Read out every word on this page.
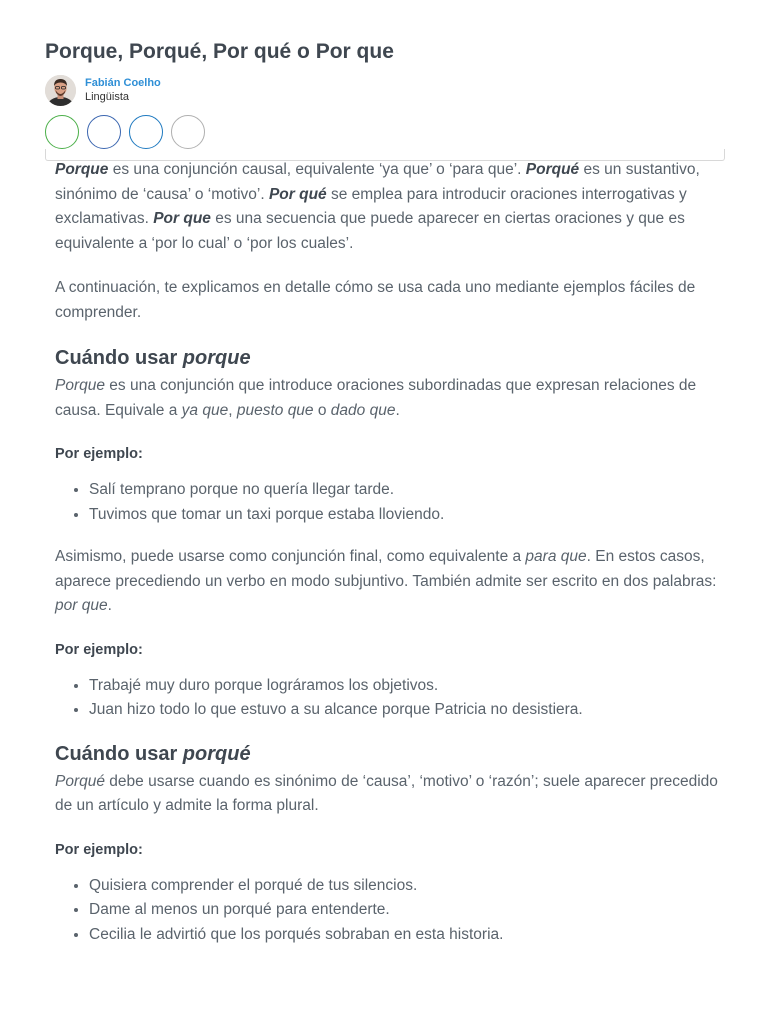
Porque, Porqué, Por qué o Por que
Fabián Coelho
Lingüista

Porque es una conjunción causal, equivalente ‘ya que’ o ‘para que’. Porqué es un sustantivo, sinónimo de ‘causa’ o ‘motivo’. Por qué se emplea para introducir oraciones interrogativas y exclamativas. Por que es una secuencia que puede aparecer en ciertas oraciones y que es equivalente a ‘por lo cual’ o ‘por los cuales’.

A continuación, te explicamos en detalle cómo se usa cada uno mediante ejemplos fáciles de comprender.

Cuándo usar porque

Porque es una conjunción que introduce oraciones subordinadas que expresan relaciones de causa. Equivale a ya que, puesto que o dado que.

Por ejemplo:

• Salí temprano porque no quería llegar tarde.
• Tuvimos que tomar un taxi porque estaba lloviendo.

Asimismo, puede usarse como conjunción final, como equivalente a para que. En estos casos, aparece precediendo un verbo en modo subjuntivo. También admite ser escrito en dos palabras: por que.

Por ejemplo:

• Trabajé muy duro porque lográramos los objetivos.
• Juan hizo todo lo que estuvo a su alcance porque Patricia no desistiera.
Cuándo usar porqué

Porqué debe usarse cuando es sinónimo de ‘causa’, ‘motivo’ o ‘razón’; suele aparecer precedido de un artículo y admite la forma plural.

Por ejemplo:

• Quisiera comprender el porqué de tus silencios.
• Dame al menos un porqué para entenderte.
• Cecilia le advirtió que los porqués sobraban en esta historia.
